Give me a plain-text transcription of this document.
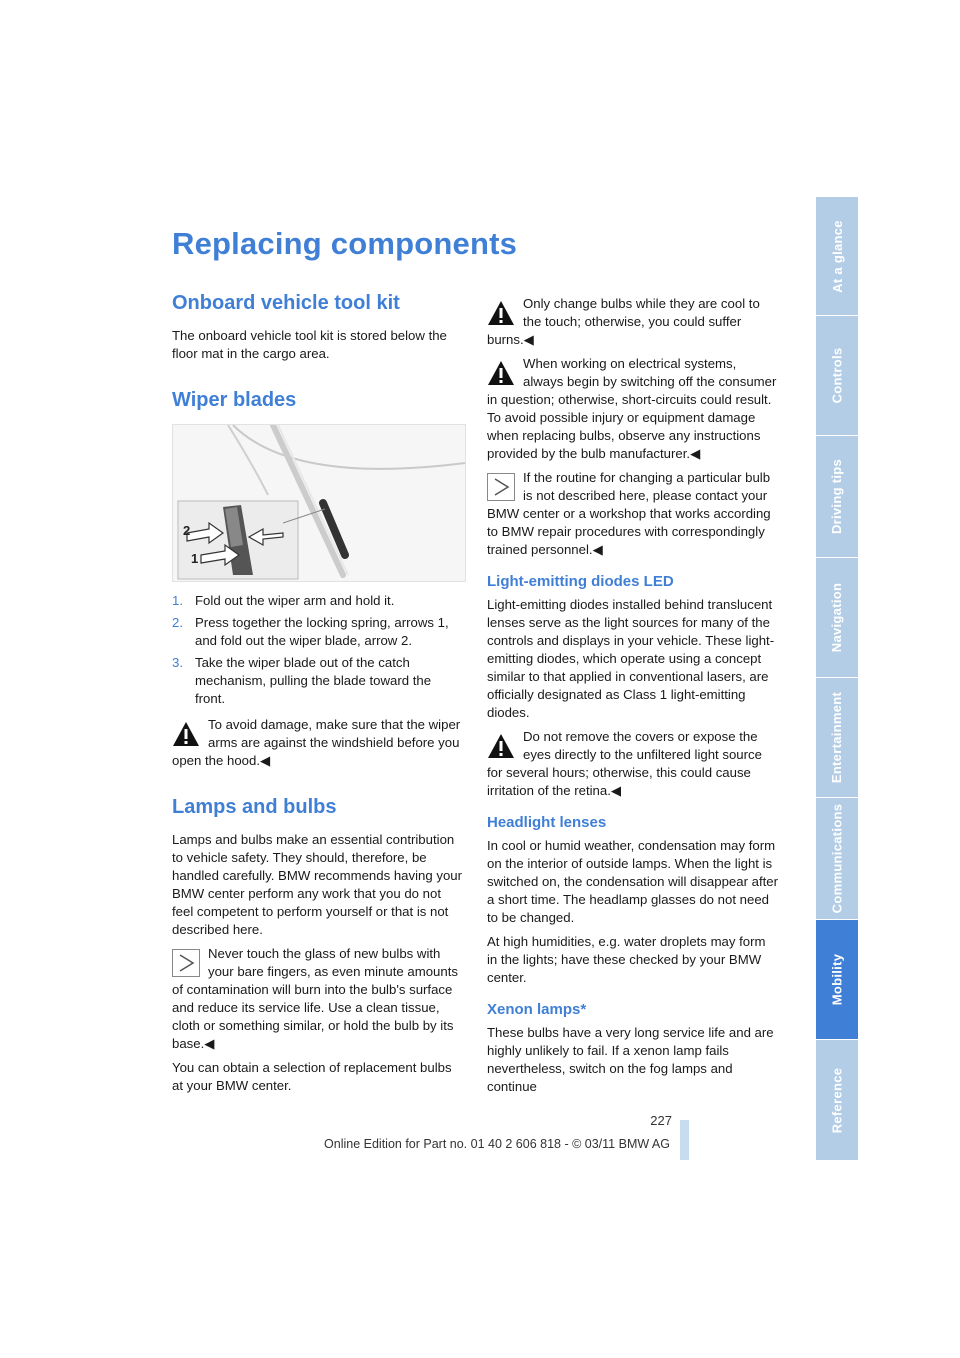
Replacing components
Onboard vehicle tool kit

The onboard vehicle tool kit is stored below the floor mat in the cargo area.

Wiper blades
2
1
1. Fold out the wiper arm and hold it.
2. Press together the locking spring, arrows 1, and fold out the wiper blade, arrow 2.
3. Take the wiper blade out of the catch mechanism, pulling the blade toward the front.
To avoid damage, make sure that the wiper arms are against the windshield before you open the hood.◀
Lamps and bulbs

Lamps and bulbs make an essential contribution to vehicle safety. They should, therefore, be handled carefully. BMW recommends having your BMW center perform any work that you do not feel competent to perform yourself or that is not described here.

Never touch the glass of new bulbs with your bare fingers, as even minute amounts of contamination will burn into the bulb's surface and reduce its service life. Use a clean tissue, cloth or something similar, or hold the bulb by its base.◀

You can obtain a selection of replacement bulbs at your BMW center.

Only change bulbs while they are cool to the touch; otherwise, you could suffer burns.◀
When working on electrical systems, always begin by switching off the consumer in question; otherwise, short-circuits could result. To avoid possible injury or equipment damage when replacing bulbs, observe any instructions provided by the bulb manufacturer.◀
If the routine for changing a particular bulb is not described here, please contact your BMW center or a workshop that works according to BMW repair procedures with correspondingly trained personnel.◀
Light-emitting diodes LED

Light-emitting diodes installed behind translucent lenses serve as the light sources for many of the controls and displays in your vehicle. These light-emitting diodes, which operate using a concept similar to that applied in conventional lasers, are officially designated as Class 1 light-emitting diodes.

Do not remove the covers or expose the eyes directly to the unfiltered light source for several hours; otherwise, this could cause irritation of the retina.◀
Headlight lenses

In cool or humid weather, condensation may form on the interior of outside lamps. When the light is switched on, the condensation will disappear after a short time. The headlamp glasses do not need to be changed.

At high humidities, e.g. water droplets may form in the lights; have these checked by your BMW center.

Xenon lamps*

These bulbs have a very long service life and are highly unlikely to fail. If a xenon lamp fails nevertheless, switch on the fog lamps and continue

227
Online Edition for Part no. 01 40 2 606 818 - © 03/11 BMW AG
At a glance
Controls
Driving tips
Navigation
Entertainment
Communications
Mobility
Reference
